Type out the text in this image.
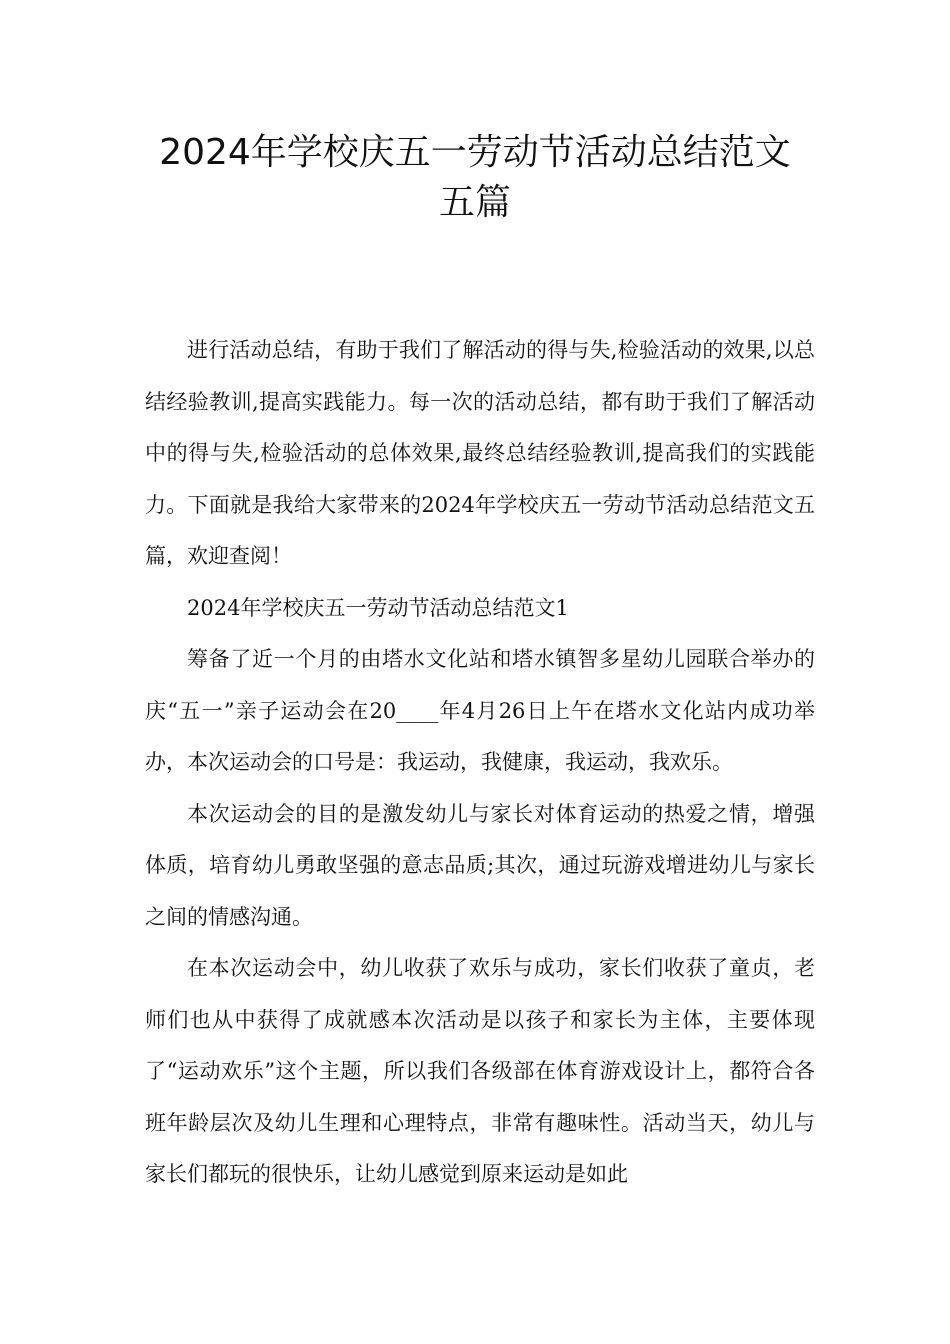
2024年学校庆五一劳动节活动总结范文
五篇

进行活动总结，有助于我们了解活动的得与失,检验活动的效果,以总结经验教训,提高实践能力。每一次的活动总结，都有助于我们了解活动中的得与失,检验活动的总体效果,最终总结经验教训,提高我们的实践能力。下面就是我给大家带来的2024年学校庆五一劳动节活动总结范文五篇，欢迎查阅！

2024年学校庆五一劳动节活动总结范文1

筹备了近一个月的由塔水文化站和塔水镇智多星幼儿园联合举办的庆“五一”亲子运动会在20____年4月26日上午在塔水文化站内成功举办，本次运动会的口号是：我运动，我健康，我运动，我欢乐。

本次运动会的目的是激发幼儿与家长对体育运动的热爱之情，增强体质，培育幼儿勇敢坚强的意志品质;其次，通过玩游戏增进幼儿与家长之间的情感沟通。

在本次运动会中，幼儿收获了欢乐与成功，家长们收获了童贞，老师们也从中获得了成就感本次活动是以孩子和家长为主体，主要体现了“运动欢乐”这个主题，所以我们各级部在体育游戏设计上，都符合各班年龄层次及幼儿生理和心理特点，非常有趣味性。活动当天，幼儿与家长们都玩的很快乐，让幼儿感觉到原来运动是如此
